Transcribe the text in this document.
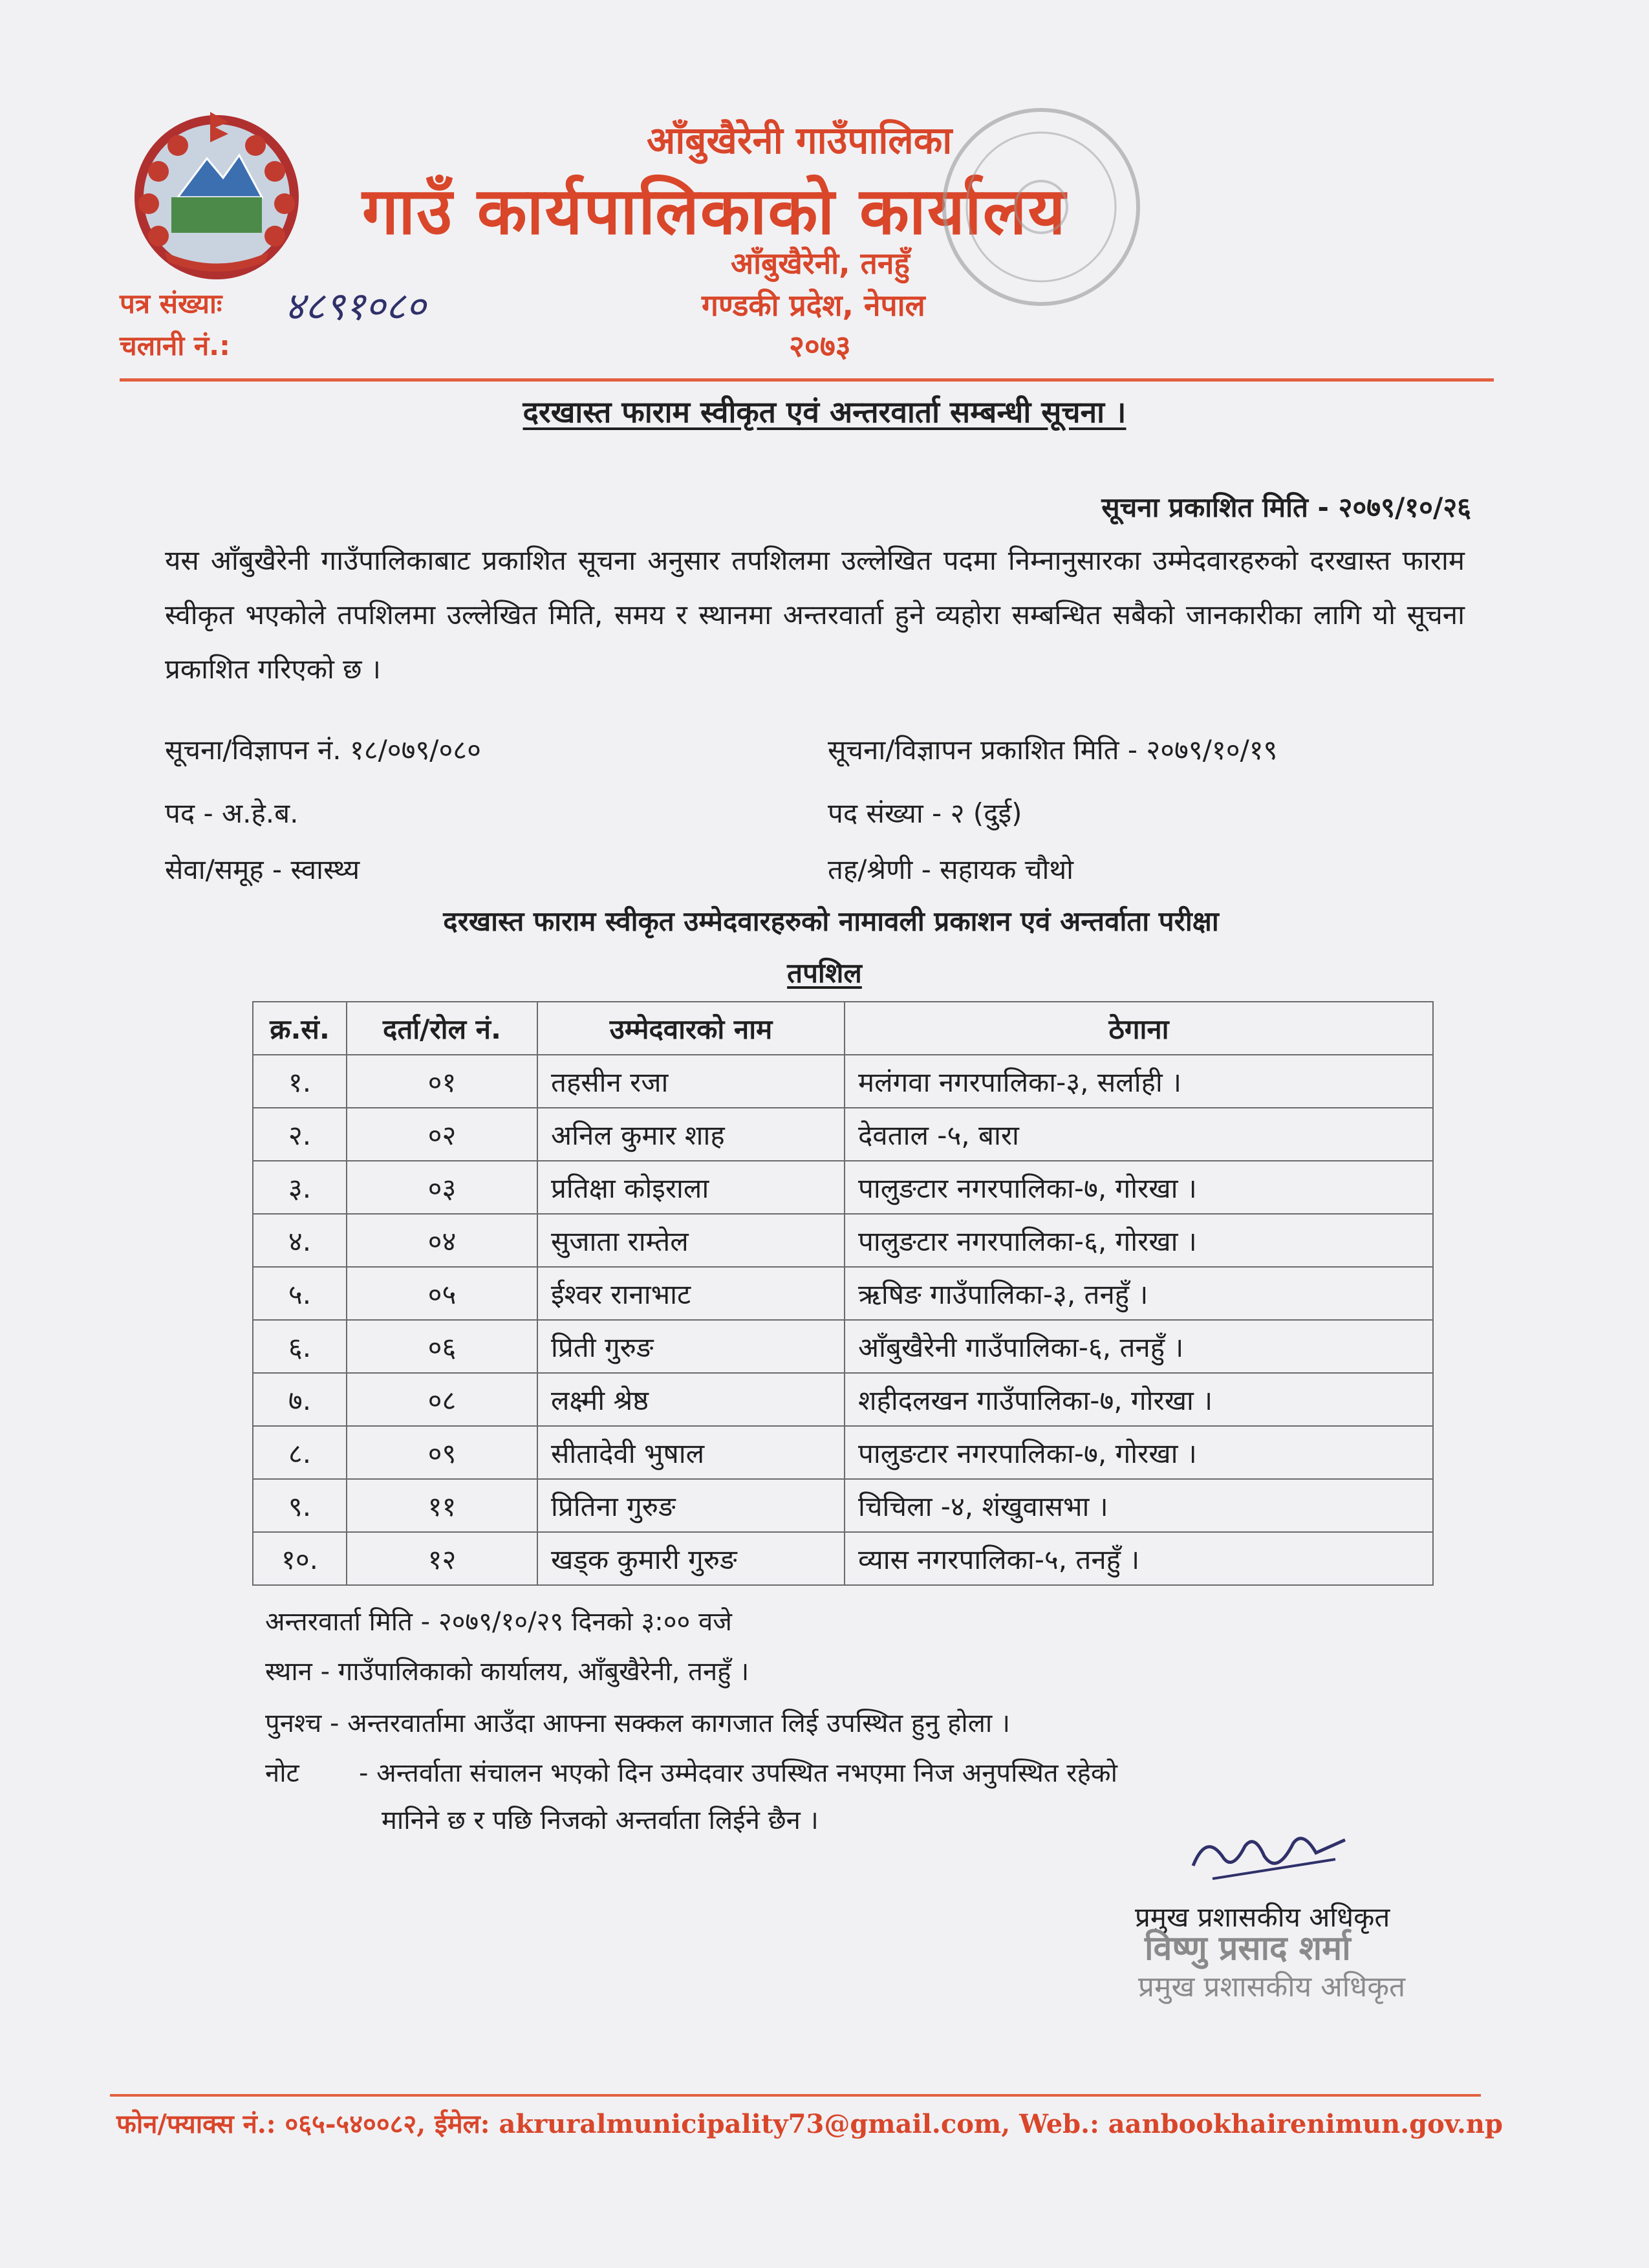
आँबुखैरेनी गाउँपालिका
गाउँ कार्यपालिकाको कार्यालय
आँबुखैरेनी, तनहुँ
गण्डकी प्रदेश, नेपाल
२०७३
पत्र संख्याः
चलानी नं.:
४८९१०८०
दरखास्त फाराम स्वीकृत एवं अन्तरवार्ता सम्बन्धी सूचना ।
सूचना प्रकाशित मिति - २०७९/१०/२६

यस आँबुखैरेनी गाउँपालिकाबाट प्रकाशित सूचना अनुसार तपशिलमा उल्लेखित पदमा निम्नानुसारका उम्मेदवारहरुको दरखास्त फाराम स्वीकृत भएकोले तपशिलमा उल्लेखित मिति, समय र स्थानमा अन्तरवार्ता हुने व्यहोरा सम्बन्धित सबैको जानकारीका लागि यो सूचना प्रकाशित गरिएको छ ।

सूचना/विज्ञापन नं. १८/०७९/०८०	सूचना/विज्ञापन प्रकाशित मिति - २०७९/१०/१९
पद - अ.हे.ब.	पद संख्या - २ (दुई)
सेवा/समूह - स्वास्थ्य	तह/श्रेणी - सहायक चौथो
दरखास्त फाराम स्वीकृत उम्मेदवारहरुको नामावली प्रकाशन एवं अन्तर्वाता परीक्षा
तपशिल
क्र.सं.	दर्ता/रोल नं.	उम्मेदवारको नाम	ठेगाना
१.	०१	तहसीन रजा	मलंगवा नगरपालिका-३, सर्लाही ।
२.	०२	अनिल कुमार शाह	देवताल -५, बारा
३.	०३	प्रतिक्षा कोइराला	पालुङटार नगरपालिका-७, गोरखा ।
४.	०४	सुजाता राम्तेल	पालुङटार नगरपालिका-६, गोरखा ।
५.	०५	ईश्वर रानाभाट	ऋषिङ गाउँपालिका-३, तनहुँ ।
६.	०६	प्रिती गुरुङ	आँबुखैरेनी गाउँपालिका-६, तनहुँ ।
७.	०८	लक्ष्मी श्रेष्ठ	शहीदलखन गाउँपालिका-७, गोरखा ।
८.	०९	सीतादेवी भुषाल	पालुङटार नगरपालिका-७, गोरखा ।
९.	११	प्रितिना गुरुङ	चिचिला -४, शंखुवासभा ।
१०.	१२	खड्क कुमारी गुरुङ	व्यास नगरपालिका-५, तनहुँ ।
अन्तरवार्ता मिति - २०७९/१०/२९ दिनको ३:०० वजे
स्थान - गाउँपालिकाको कार्यालय, आँबुखैरेनी, तनहुँ ।
पुनश्च - अन्तरवार्तामा आउँदा आफ्ना सक्कल कागजात लिई उपस्थित हुनु होला ।
नोट - अन्तर्वाता संचालन भएको दिन उम्मेदवार उपस्थित नभएमा निज अनुपस्थित रहेको
मानिने छ र पछि निजको अन्तर्वाता लिईने छैन ।
प्रमुख प्रशासकीय अधिकृत
विष्णु प्रसाद शर्मा
प्रमुख प्रशासकीय अधिकृत
फोन/फ्याक्स नं.: ०६५-५४००८२, ईमेल: akruralmunicipality73@gmail.com, Web.: aanbookhairenimun.gov.np
